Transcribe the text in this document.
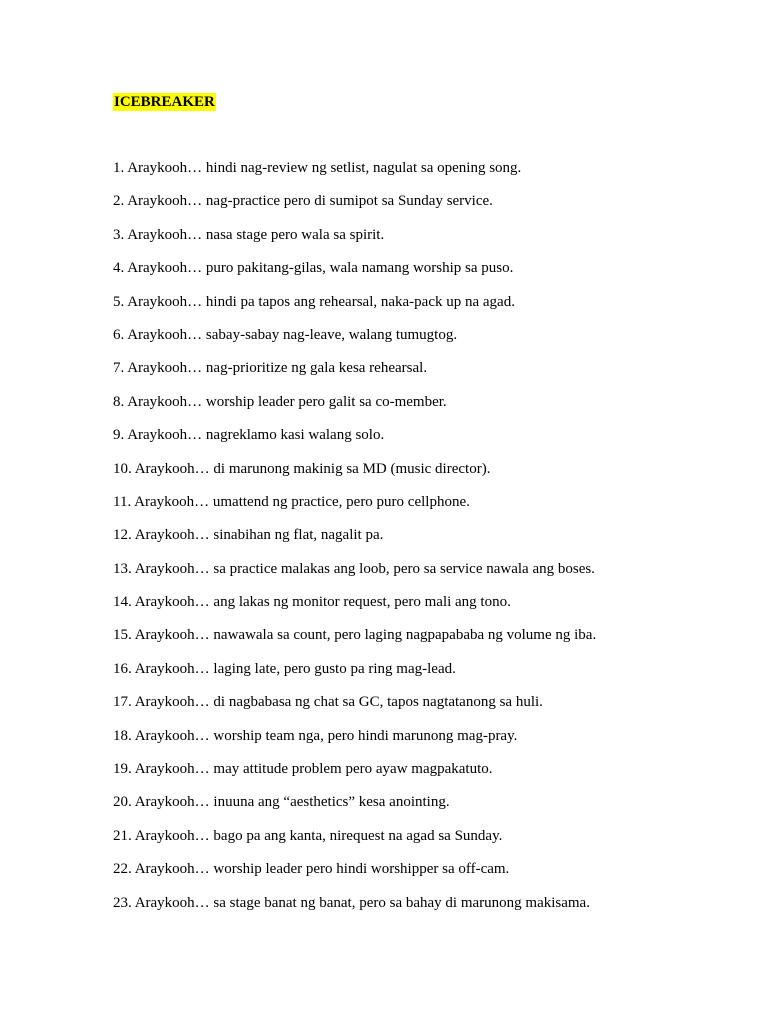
ICEBREAKER
1. Araykooh… hindi nag-review ng setlist, nagulat sa opening song.
2. Araykooh… nag-practice pero di sumipot sa Sunday service.
3. Araykooh… nasa stage pero wala sa spirit.
4. Araykooh… puro pakitang-gilas, wala namang worship sa puso.
5. Araykooh… hindi pa tapos ang rehearsal, naka-pack up na agad.
6. Araykooh… sabay-sabay nag-leave, walang tumugtog.
7. Araykooh… nag-prioritize ng gala kesa rehearsal.
8. Araykooh… worship leader pero galit sa co-member.
9. Araykooh… nagreklamo kasi walang solo.
10. Araykooh… di marunong makinig sa MD (music director).
11. Araykooh… umattend ng practice, pero puro cellphone.
12. Araykooh… sinabihan ng flat, nagalit pa.
13. Araykooh… sa practice malakas ang loob, pero sa service nawala ang boses.
14. Araykooh… ang lakas ng monitor request, pero mali ang tono.
15. Araykooh… nawawala sa count, pero laging nagpapababa ng volume ng iba.
16. Araykooh… laging late, pero gusto pa ring mag-lead.
17. Araykooh… di nagbabasa ng chat sa GC, tapos nagtatanong sa huli.
18. Araykooh… worship team nga, pero hindi marunong mag-pray.
19. Araykooh… may attitude problem pero ayaw magpakatuto.
20. Araykooh… inuuna ang “aesthetics” kesa anointing.
21. Araykooh… bago pa ang kanta, nirequest na agad sa Sunday.
22. Araykooh… worship leader pero hindi worshipper sa off-cam.
23. Araykooh… sa stage banat ng banat, pero sa bahay di marunong makisama.
